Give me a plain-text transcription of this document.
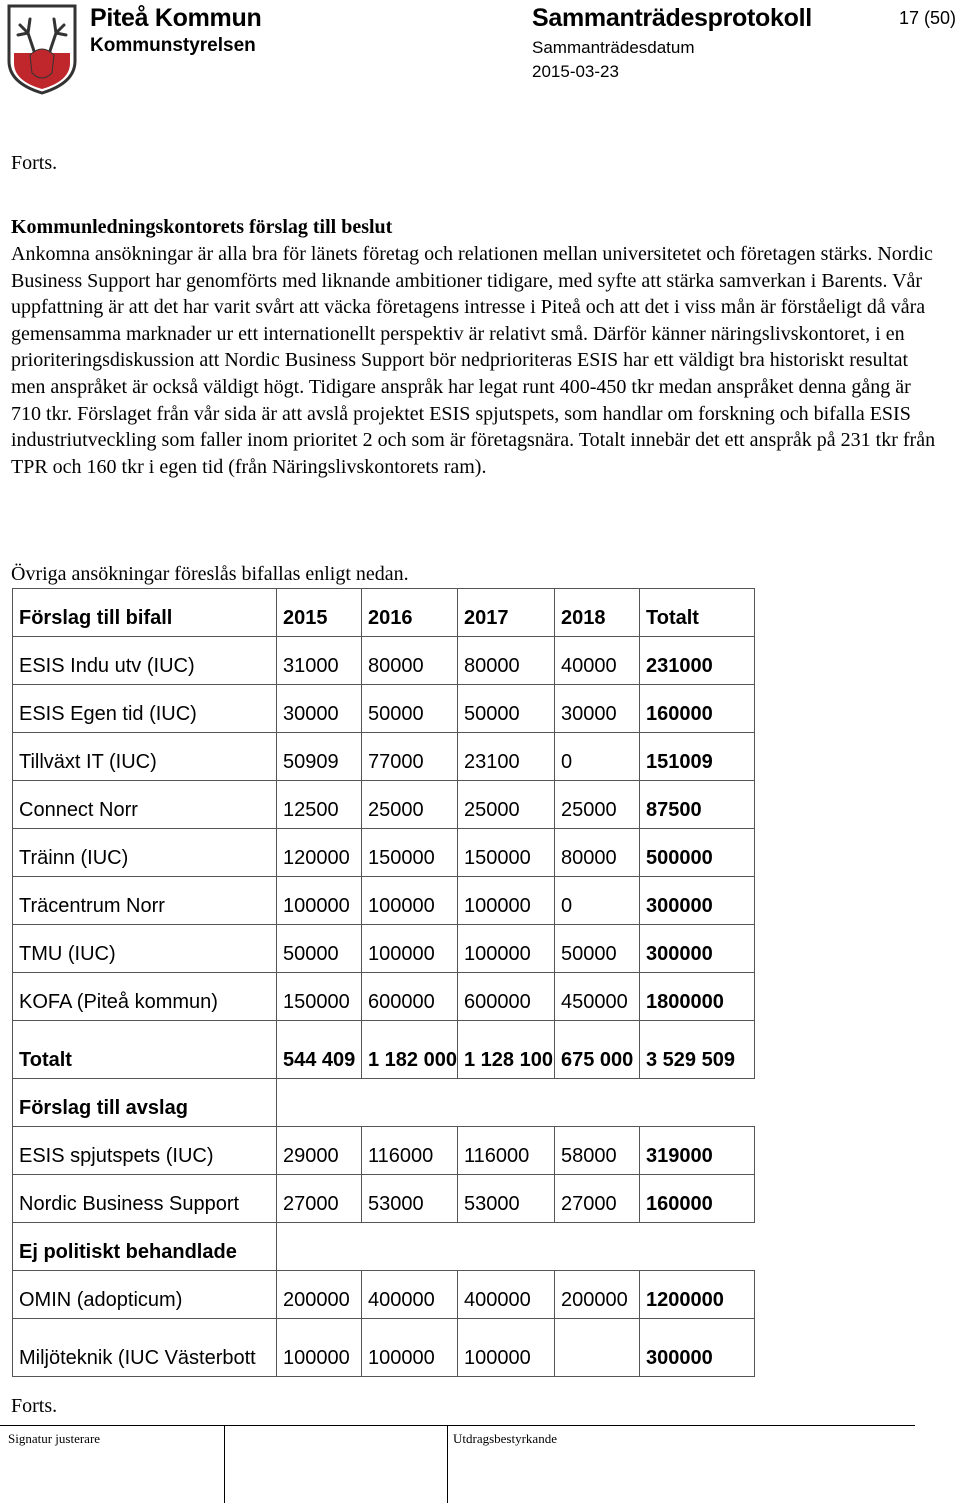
Piteå Kommun
Kommunstyrelsen
Sammanträdesprotokoll
Sammanträdesdatum
2015-03-23
17 (50)
Forts.
Kommunledningskontorets förslag till beslut

Ankomna ansökningar är alla bra för länets företag och relationen mellan universitetet och företagen stärks. Nordic Business Support har genomförts med liknande ambitioner tidigare, med syfte att stärka samverkan i Barents. Vår uppfattning är att det har varit svårt att väcka företagens intresse i Piteå och att det i viss mån är förståeligt då våra gemensamma marknader ur ett internationellt perspektiv är relativt små. Därför känner näringslivskontoret, i en prioriteringsdiskussion att Nordic Business Support bör nedprioriteras ESIS har ett väldigt bra historiskt resultat men anspråket är också väldigt högt. Tidigare anspråk har legat runt 400-450 tkr medan anspråket denna gång är 710 tkr. Förslaget från vår sida är att avslå projektet ESIS spjutspets, som handlar om forskning och bifalla ESIS industriutveckling som faller inom prioritet 2 och som är företagsnära. Totalt innebär det ett anspråk på 231 tkr från TPR och 160 tkr i egen tid (från Näringslivskontorets ram).

Övriga ansökningar föreslås bifallas enligt nedan.
Förslag till bifall	2015	2016	2017	2018	Totalt
ESIS Indu utv (IUC)	31000	80000	80000	40000	231000
ESIS Egen tid (IUC)	30000	50000	50000	30000	160000
Tillväxt IT (IUC)	50909	77000	23100	0	151009
Connect Norr	12500	25000	25000	25000	87500
Träinn (IUC)	120000	150000	150000	80000	500000
Träcentrum Norr	100000	100000	100000	0	300000
TMU (IUC)	50000	100000	100000	50000	300000
KOFA (Piteå kommun)	150000	600000	600000	450000	1800000
Totalt	544 409	1 182 000	1 128 100	675 000	3 529 509
Förslag till avslag					
ESIS spjutspets (IUC)	29000	116000	116000	58000	319000
Nordic Business Support	27000	53000	53000	27000	160000
Ej politiskt behandlade					
OMIN (adopticum)	200000	400000	400000	200000	1200000
Miljöteknik (IUC Västerbott	100000	100000	100000		300000
Forts.
Signatur justerare	Utdragsbestyrkande
